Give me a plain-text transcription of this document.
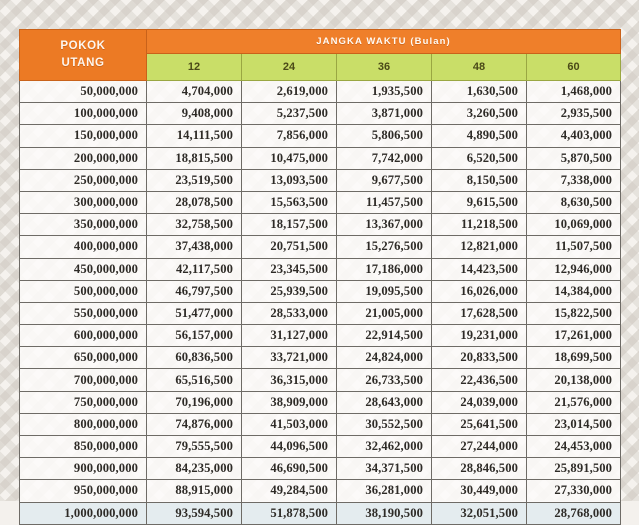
POKOK
UTANG	JANGKA WAKTU (Bulan)				
	12	24	36	48	60
50,000,000	4,704,000	2,619,000	1,935,500	1,630,500	1,468,000
100,000,000	9,408,000	5,237,500	3,871,000	3,260,500	2,935,500
150,000,000	14,111,500	7,856,000	5,806,500	4,890,500	4,403,000
200,000,000	18,815,500	10,475,000	7,742,000	6,520,500	5,870,500
250,000,000	23,519,500	13,093,500	9,677,500	8,150,500	7,338,000
300,000,000	28,078,500	15,563,500	11,457,500	9,615,500	8,630,500
350,000,000	32,758,500	18,157,500	13,367,000	11,218,500	10,069,000
400,000,000	37,438,000	20,751,500	15,276,500	12,821,000	11,507,500
450,000,000	42,117,500	23,345,500	17,186,000	14,423,500	12,946,000
500,000,000	46,797,500	25,939,500	19,095,500	16,026,000	14,384,000
550,000,000	51,477,000	28,533,000	21,005,000	17,628,500	15,822,500
600,000,000	56,157,000	31,127,000	22,914,500	19,231,000	17,261,000
650,000,000	60,836,500	33,721,000	24,824,000	20,833,500	18,699,500
700,000,000	65,516,500	36,315,000	26,733,500	22,436,500	20,138,000
750,000,000	70,196,000	38,909,000	28,643,000	24,039,000	21,576,000
800,000,000	74,876,000	41,503,000	30,552,500	25,641,500	23,014,500
850,000,000	79,555,500	44,096,500	32,462,000	27,244,000	24,453,000
900,000,000	84,235,000	46,690,500	34,371,500	28,846,500	25,891,500
950,000,000	88,915,000	49,284,500	36,281,000	30,449,000	27,330,000
1,000,000,000	93,594,500	51,878,500	38,190,500	32,051,500	28,768,000
